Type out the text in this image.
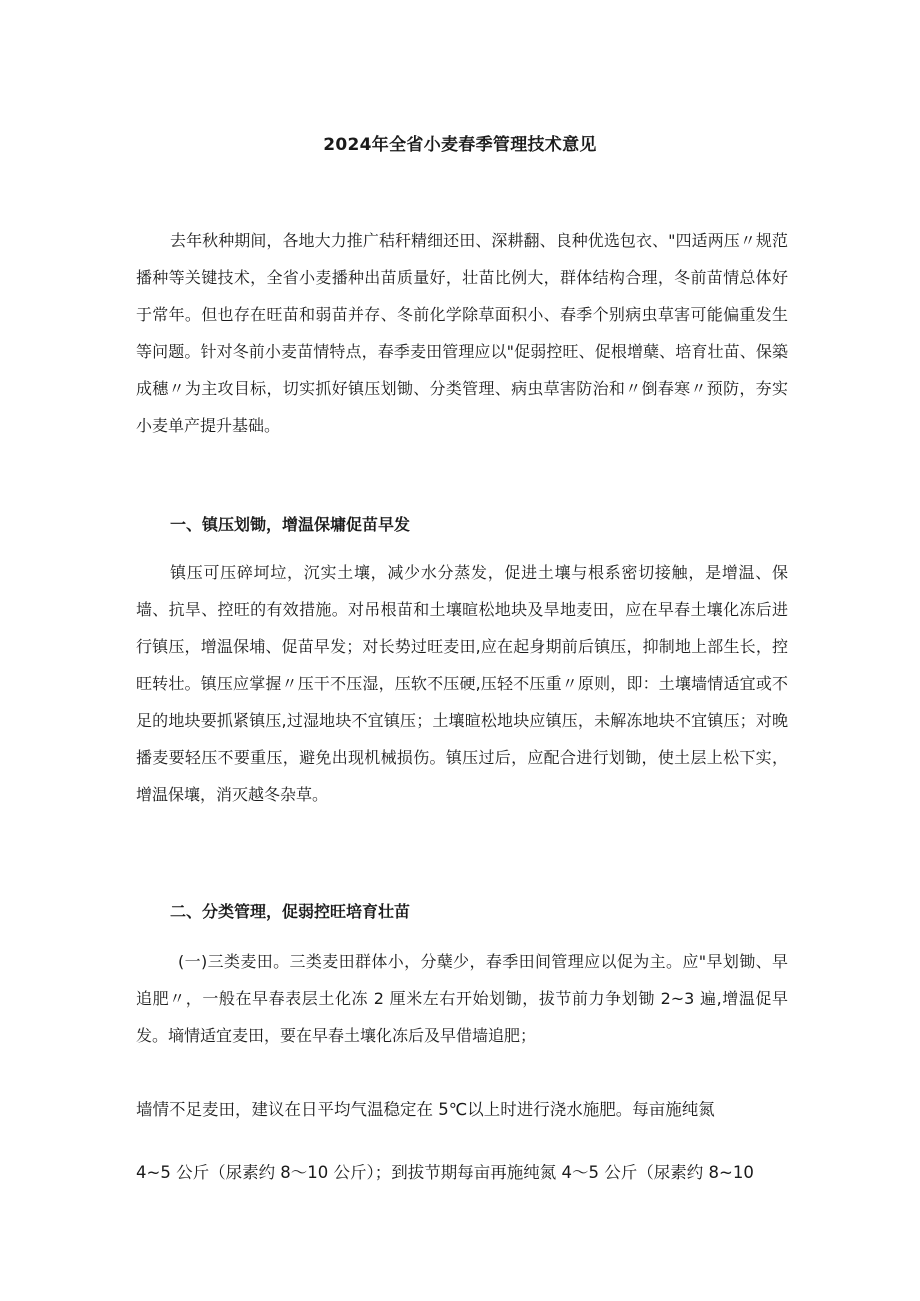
2024年全省小麦春季管理技术意见

去年秋种期间，各地大力推广秸秆精细还田、深耕翻、良种优选包衣、"四适两压〃规范播种等关键技术，全省小麦播种出苗质量好，壮苗比例大，群体结构合理，冬前苗情总体好于常年。但也存在旺苗和弱苗并存、冬前化学除草面积小、春季个别病虫草害可能偏重发生等问题。针对冬前小麦苗情特点，春季麦田管理应以"促弱控旺、促根增蘖、培育壮苗、保築成穗〃为主攻目标，切实抓好镇压划锄、分类管理、病虫草害防治和〃倒春寒〃预防，夯实小麦单产提升基础。

一、镇压划锄，增温保墉促苗早发

镇压可压碎坷垃，沉实土壤，减少水分蒸发，促进土壤与根系密切接触，是增温、保墙、抗旱、控旺的有效措施。对吊根苗和土壤暄松地块及旱地麦田，应在早春土壤化冻后进行镇压，增温保埔、促苗早发；对长势过旺麦田,应在起身期前后镇压，抑制地上部生长，控旺转壮。镇压应掌握〃压干不压湿，压软不压硬,压轻不压重〃原则，即：土壤墙情适宜或不足的地块要抓紧镇压,过湿地块不宜镇压；土壤暄松地块应镇压，未解冻地块不宜镇压；对晚播麦要轻压不要重压，避免出现机械损伤。镇压过后，应配合进行划锄，使土层上松下实，增温保壤，消灭越冬杂草。

二、分类管理，促弱控旺培育壮苗

(一)三类麦田。三类麦田群体小，分蘖少，春季田间管理应以促为主。应"早划锄、早追肥〃，一般在早春表层土化冻 2 厘米左右开始划锄，拔节前力争划锄 2~3 遍,增温促早发。墒情适宜麦田，要在早春土壤化冻后及早借墙追肥；

墙情不足麦田，建议在日平均气温稳定在 5℃以上时进行浇水施肥。每亩施纯氮
4~5 公斤（尿素约 8～10 公斤）；到拔节期每亩再施纯氮 4～5 公斤（尿素约 8~10
